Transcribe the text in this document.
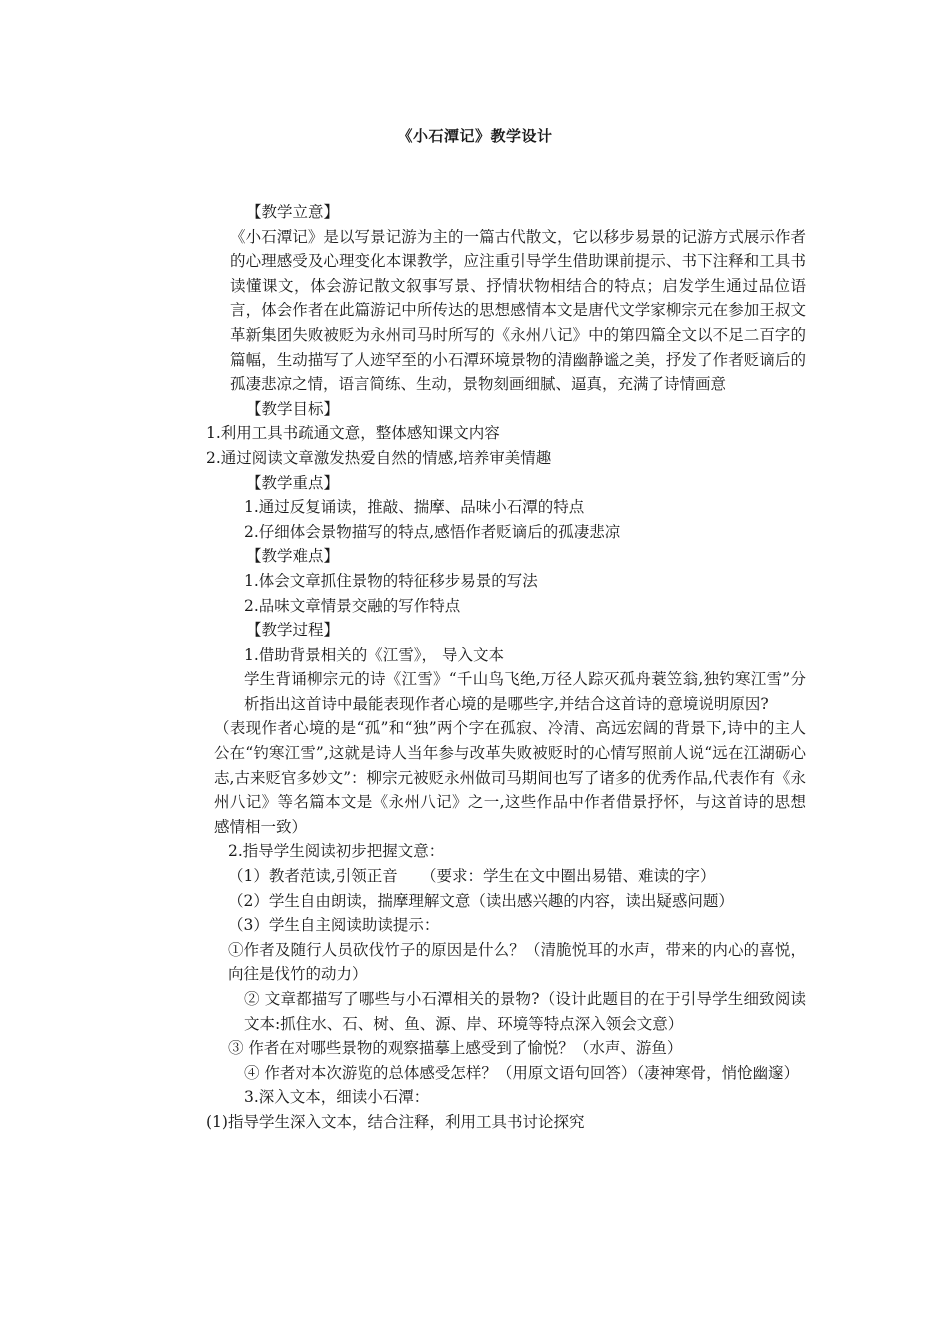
《小石潭记》教学设计

【教学立意】

《小石潭记》是以写景记游为主的一篇古代散文，它以移步易景的记游方式展示作者的心理感受及心理变化本课教学，应注重引导学生借助课前提示、书下注释和工具书读懂课文，体会游记散文叙事写景、抒情状物相结合的特点；启发学生通过品位语言，体会作者在此篇游记中所传达的思想感情本文是唐代文学家柳宗元在参加王叔文革新集团失败被贬为永州司马时所写的《永州八记》中的第四篇全文以不足二百字的篇幅，生动描写了人迹罕至的小石潭环境景物的清幽静谧之美，抒发了作者贬谪后的孤凄悲凉之情，语言简练、生动，景物刻画细腻、逼真，充满了诗情画意

【教学目标】

1.利用工具书疏通文意，整体感知课文内容

2.通过阅读文章激发热爱自然的情感,培养审美情趣

【教学重点】

1.通过反复诵读，推敲、揣摩、品味小石潭的特点

2.仔细体会景物描写的特点,感悟作者贬谪后的孤凄悲凉

【教学难点】

1.体会文章抓住景物的特征移步易景的写法

2.品味文章情景交融的写作特点

【教学过程】

1.借助背景相关的《江雪》， 导入文本

学生背诵柳宗元的诗《江雪》“千山鸟飞绝,万径人踪灭孤舟蓑笠翁,独钓寒江雪”分析指出这首诗中最能表现作者心境的是哪些字,并结合这首诗的意境说明原因?

（表现作者心境的是“孤”和“独”两个字在孤寂、冷清、高远宏阔的背景下,诗中的主人公在“钓寒江雪”,这就是诗人当年参与改革失败被贬时的心情写照前人说“远在江湖砺心志,古来贬官多妙文”：柳宗元被贬永州做司马期间也写了诸多的优秀作品,代表作有《永州八记》等名篇本文是《永州八记》之一,这些作品中作者借景抒怀，与这首诗的思想感情相一致）

2.指导学生阅读初步把握文意：

（1）教者范读,引领正音　　（要求：学生在文中圈出易错、难读的字）

（2）学生自由朗读，揣摩理解文意（读出感兴趣的内容，读出疑惑问题）

（3）学生自主阅读助读提示：

①作者及随行人员砍伐竹子的原因是什么？（清脆悦耳的水声，带来的内心的喜悦，向往是伐竹的动力）

② 文章都描写了哪些与小石潭相关的景物?（设计此题目的在于引导学生细致阅读文本:抓住水、石、树、鱼、源、岸、环境等特点深入领会文意）

③ 作者在对哪些景物的观察描摹上感受到了愉悦？（水声、游鱼）

④ 作者对本次游览的总体感受怎样？（用原文语句回答）（凄神寒骨，悄怆幽邃）

3.深入文本，细读小石潭：

(1)指导学生深入文本，结合注释，利用工具书讨论探究
